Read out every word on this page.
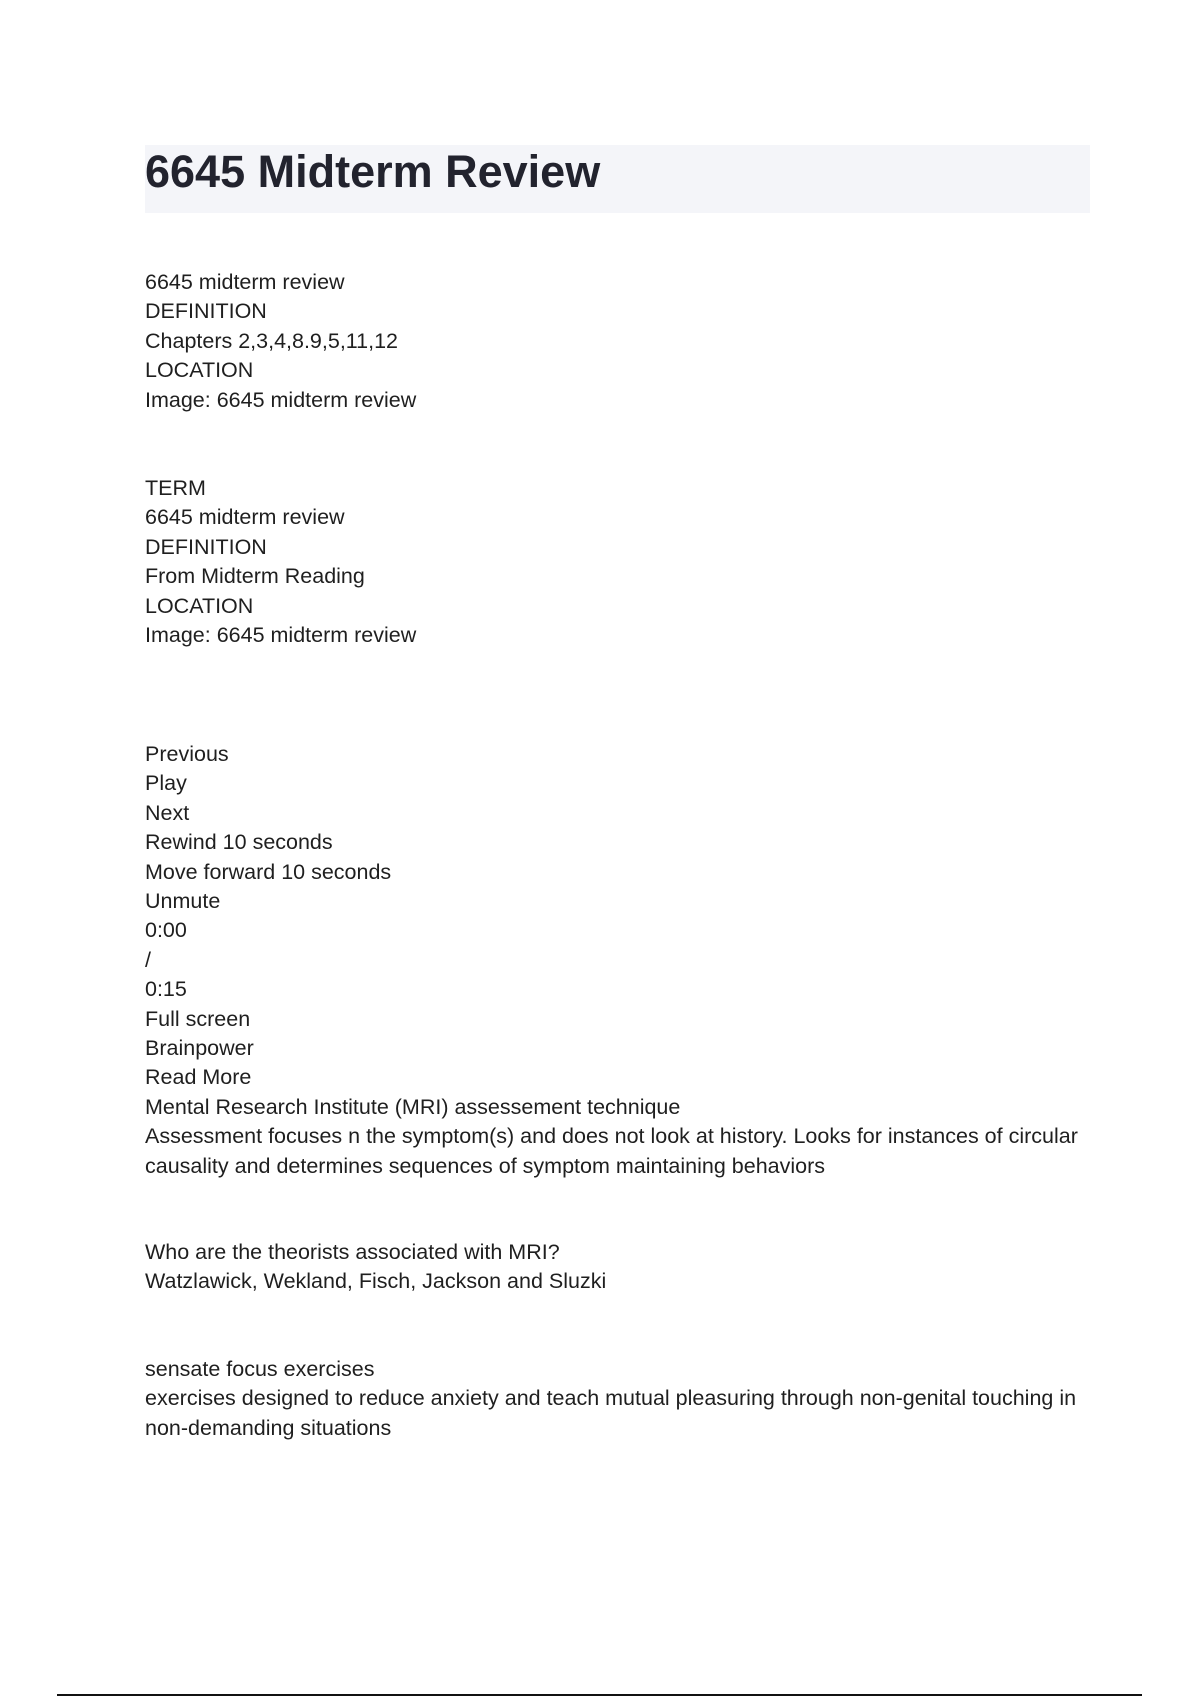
6645 Midterm Review
6645 midterm review
DEFINITION
Chapters 2,3,4,8.9,5,11,12
LOCATION
Image: 6645 midterm review
TERM
6645 midterm review
DEFINITION
From Midterm Reading
LOCATION
Image: 6645 midterm review
Previous
Play
Next
Rewind 10 seconds
Move forward 10 seconds
Unmute
0:00
/
0:15
Full screen
Brainpower
Read More
Mental Research Institute (MRI) assessement technique
Assessment focuses n the symptom(s) and does not look at history. Looks for instances of circular causality and determines sequences of symptom maintaining behaviors
Who are the theorists associated with MRI?
Watzlawick, Wekland, Fisch, Jackson and Sluzki
sensate focus exercises
exercises designed to reduce anxiety and teach mutual pleasuring through non-genital touching in non-demanding situations
